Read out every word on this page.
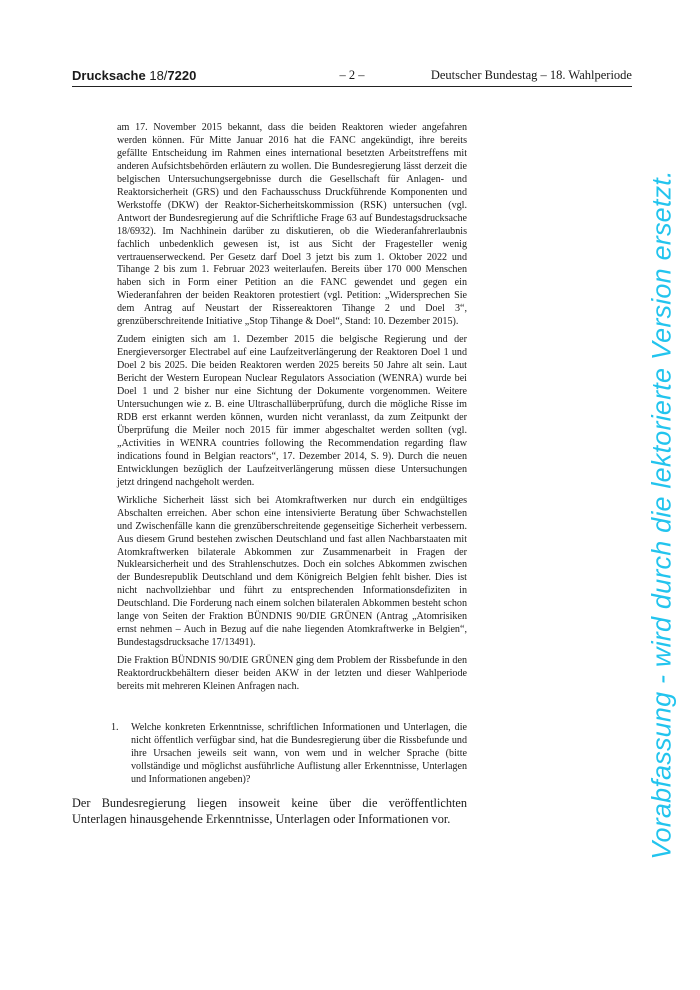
Drucksache 18/7220	– 2 –	Deutscher Bundestag – 18. Wahlperiode

am 17. November 2015 bekannt, dass die beiden Reaktoren wieder angefahren werden können. Für Mitte Januar 2016 hat die FANC angekündigt, ihre bereits gefällte Entscheidung im Rahmen eines international besetzten Arbeitstreffens mit anderen Aufsichtsbehörden erläutern zu wollen. Die Bundesregierung lässt derzeit die belgischen Untersuchungsergebnisse durch die Gesellschaft für Anlagen- und Reaktorsicherheit (GRS) und den Fachausschuss Druckführende Komponenten und Werkstoffe (DKW) der Reaktor-Sicherheitskommission (RSK) untersuchen (vgl. Antwort der Bundesregierung auf die Schriftliche Frage 63 auf Bundestagsdrucksache 18/6932). Im Nachhinein darüber zu diskutieren, ob die Wiederanfahrerlaubnis fachlich unbedenklich gewesen ist, ist aus Sicht der Fragesteller wenig vertrauenserweckend. Per Gesetz darf Doel 3 jetzt bis zum 1. Oktober 2022 und Tihange 2 bis zum 1. Februar 2023 weiterlaufen. Bereits über 170 000 Menschen haben sich in Form einer Petition an die FANC gewendet und gegen ein Wiederanfahren der beiden Reaktoren protestiert (vgl. Petition: „Widersprechen Sie dem Antrag auf Neustart der Rissereaktoren Tihange 2 und Doel 3“, grenzüberschreitende Initiative „Stop Tihange & Doel“, Stand: 10. Dezember 2015).

Zudem einigten sich am 1. Dezember 2015 die belgische Regierung und der Energieversorger Electrabel auf eine Laufzeitverlängerung der Reaktoren Doel 1 und Doel 2 bis 2025. Die beiden Reaktoren werden 2025 bereits 50 Jahre alt sein. Laut Bericht der Western European Nuclear Regulators Association (WENRA) wurde bei Doel 1 und 2 bisher nur eine Sichtung der Dokumente vorgenommen. Weitere Untersuchungen wie z. B. eine Ultraschallüberprüfung, durch die mögliche Risse im RDB erst erkannt werden können, wurden nicht veranlasst, da zum Zeitpunkt der Überprüfung die Meiler noch 2015 für immer abgeschaltet werden sollten (vgl. „Activities in WENRA countries following the Recommendation regarding flaw indications found in Belgian reactors“, 17. Dezember 2014, S. 9). Durch die neuen Entwicklungen bezüglich der Laufzeitverlängerung müssen diese Untersuchungen jetzt dringend nachgeholt werden.

Wirkliche Sicherheit lässt sich bei Atomkraftwerken nur durch ein endgültiges Abschalten erreichen. Aber schon eine intensivierte Beratung über Schwachstellen und Zwischenfälle kann die grenzüberschreitende gegenseitige Sicherheit verbessern. Aus diesem Grund bestehen zwischen Deutschland und fast allen Nachbarstaaten mit Atomkraftwerken bilaterale Abkommen zur Zusammenarbeit in Fragen der Nuklearsicherheit und des Strahlenschutzes. Doch ein solches Abkommen zwischen der Bundesrepublik Deutschland und dem Königreich Belgien fehlt bisher. Dies ist nicht nachvollziehbar und führt zu entsprechenden Informationsdefiziten in Deutschland. Die Forderung nach einem solchen bilateralen Abkommen besteht schon lange von Seiten der Fraktion BÜNDNIS 90/DIE GRÜNEN (Antrag „Atomrisiken ernst nehmen – Auch in Bezug auf die nahe liegenden Atomkraftwerke in Belgien“, Bundestagsdrucksache 17/13491).

Die Fraktion BÜNDNIS 90/DIE GRÜNEN ging dem Problem der Rissbefunde in den Reaktordruckbehältern dieser beiden AKW in der letzten und dieser Wahlperiode bereits mit mehreren Kleinen Anfragen nach.

1. Welche konkreten Erkenntnisse, schriftlichen Informationen und Unterlagen, die nicht öffentlich verfügbar sind, hat die Bundesregierung über die Rissbefunde und ihre Ursachen jeweils seit wann, von wem und in welcher Sprache (bitte vollständige und möglichst ausführliche Auflistung aller Erkenntnisse, Unterlagen und Informationen angeben)?
Der Bundesregierung liegen insoweit keine über die veröffentlichten Unterlagen hinausgehende Erkenntnisse, Unterlagen oder Informationen vor.	Vorabfassung - wird durch die lektorierte Version ersetzt.
